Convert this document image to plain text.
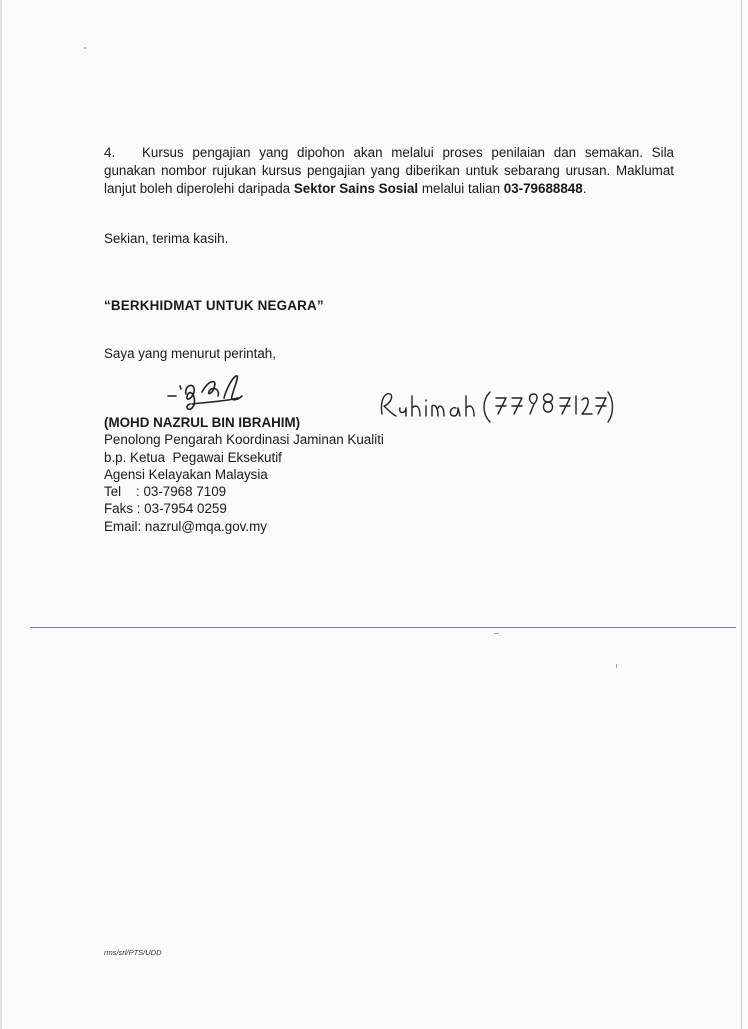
4. Kursus pengajian yang dipohon akan melalui proses penilaian dan semakan. Sila gunakan nombor rujukan kursus pengajian yang diberikan untuk sebarang urusan. Maklumat lanjut boleh diperolehi daripada Sektor Sains Sosial melalui talian 03-79688848.
Sekian, terima kasih.
“BERKHIDMAT UNTUK NEGARA”
Saya yang menurut perintah,
(MOHD NAZRUL BIN IBRAHIM)
Penolong Pengarah Koordinasi Jaminan Kualiti
b.p. Ketua  Pegawai Eksekutif
Agensi Kelayakan Malaysia
Tel    : 03-7968 7109
Faks : 03-7954 0259
Email: nazrul@mqa.gov.my
rms/srl/PTS/UDD
